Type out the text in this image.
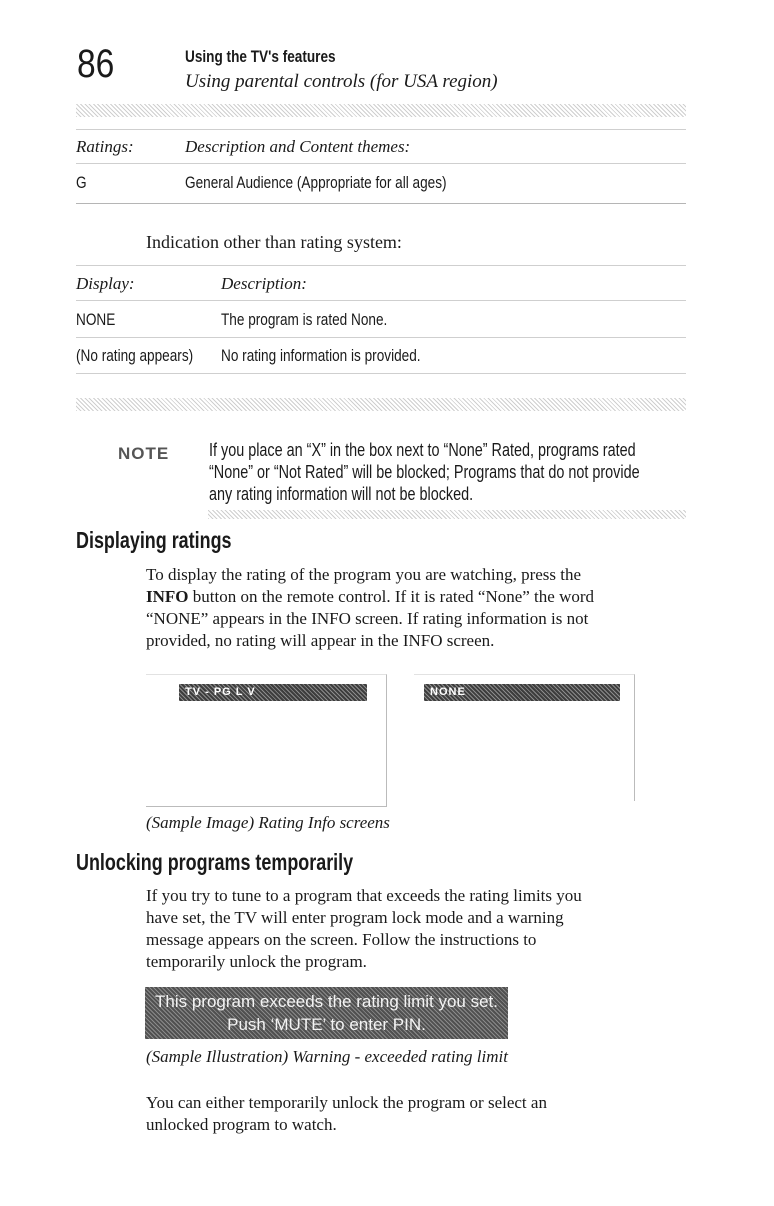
86	Using the TV's features
Using parental controls (for USA region)
Ratings:	Description and Content themes:
G	General Audience (Appropriate for all ages)
Indication other than rating system:
Display:	Description:
NONE	The program is rated None.
(No rating appears) No rating information is provided.
NOTE If you place an “X” in the box next to “None” Rated, programs rated
“None” or “Not Rated” will be blocked; Programs that do not provide
any rating information will not be blocked.
Displaying ratings
To display the rating of the program you are watching, press the
INFO button on the remote control. If it is rated “None” the word
“NONE” appears in the INFO screen. If rating information is not
provided, no rating will appear in the INFO screen.
TV - PG L V	NONE
(Sample Image) Rating Info screens
Unlocking programs temporarily
If you try to tune to a program that exceeds the rating limits you
have set, the TV will enter program lock mode and a warning
message appears on the screen. Follow the instructions to
temporarily unlock the program.
This program exceeds the rating limit you set.
Push ‘MUTE’ to enter PIN.
(Sample Illustration) Warning - exceeded rating limit
You can either temporarily unlock the program or select an
unlocked program to watch.
